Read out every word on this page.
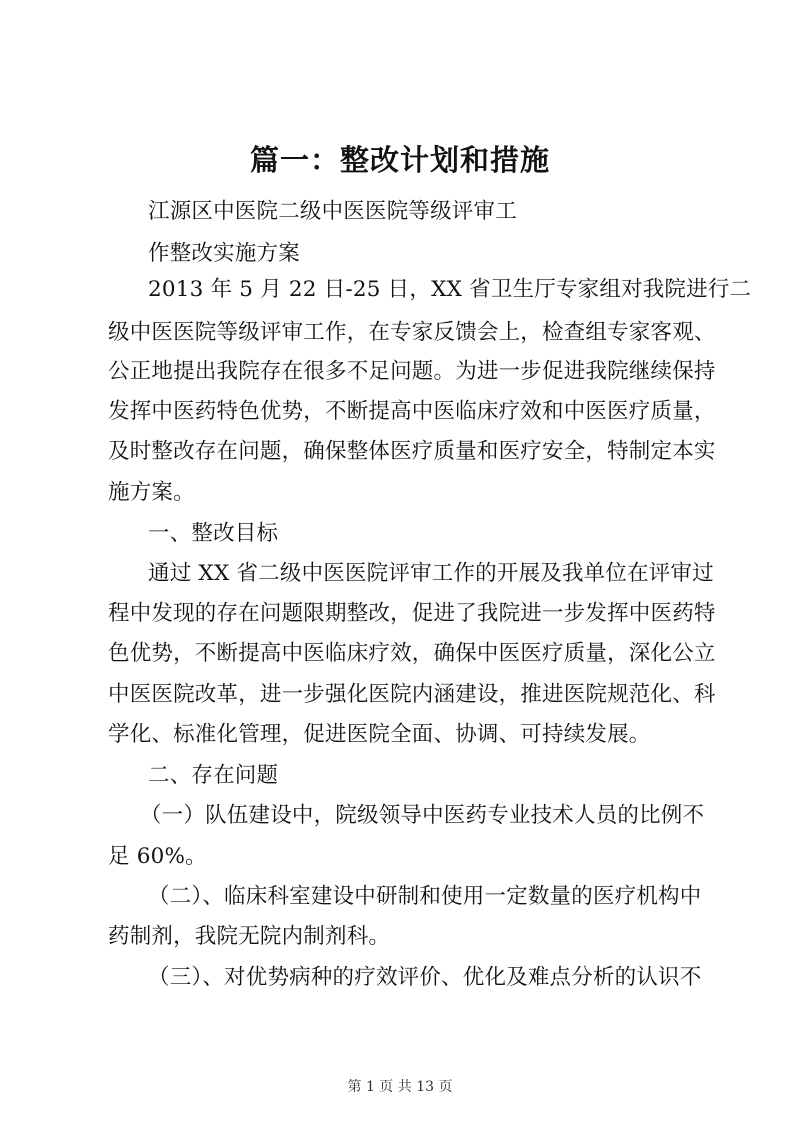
篇一：整改计划和措施
江源区中医院二级中医医院等级评审工
作整改实施方案
2013 年 5 月 22 日-25 日，XX 省卫生厅专家组对我院进行二
级中医医院等级评审工作，在专家反馈会上，检查组专家客观、
公正地提出我院存在很多不足问题。为进一步促进我院继续保持
发挥中医药特色优势，不断提高中医临床疗效和中医医疗质量，
及时整改存在问题，确保整体医疗质量和医疗安全，特制定本实
施方案。
一、整改目标
通过 XX 省二级中医医院评审工作的开展及我单位在评审过
程中发现的存在问题限期整改，促进了我院进一步发挥中医药特
色优势，不断提高中医临床疗效，确保中医医疗质量，深化公立
中医医院改革，进一步强化医院内涵建设，推进医院规范化、科
学化、标准化管理，促进医院全面、协调、可持续发展。
二、存在问题
（一）队伍建设中，院级领导中医药专业技术人员的比例不
足 60%。
（二）、临床科室建设中研制和使用一定数量的医疗机构中
药制剂，我院无院内制剂科。
（三）、对优势病种的疗效评价、优化及难点分析的认识不
第 1 页 共 13 页
